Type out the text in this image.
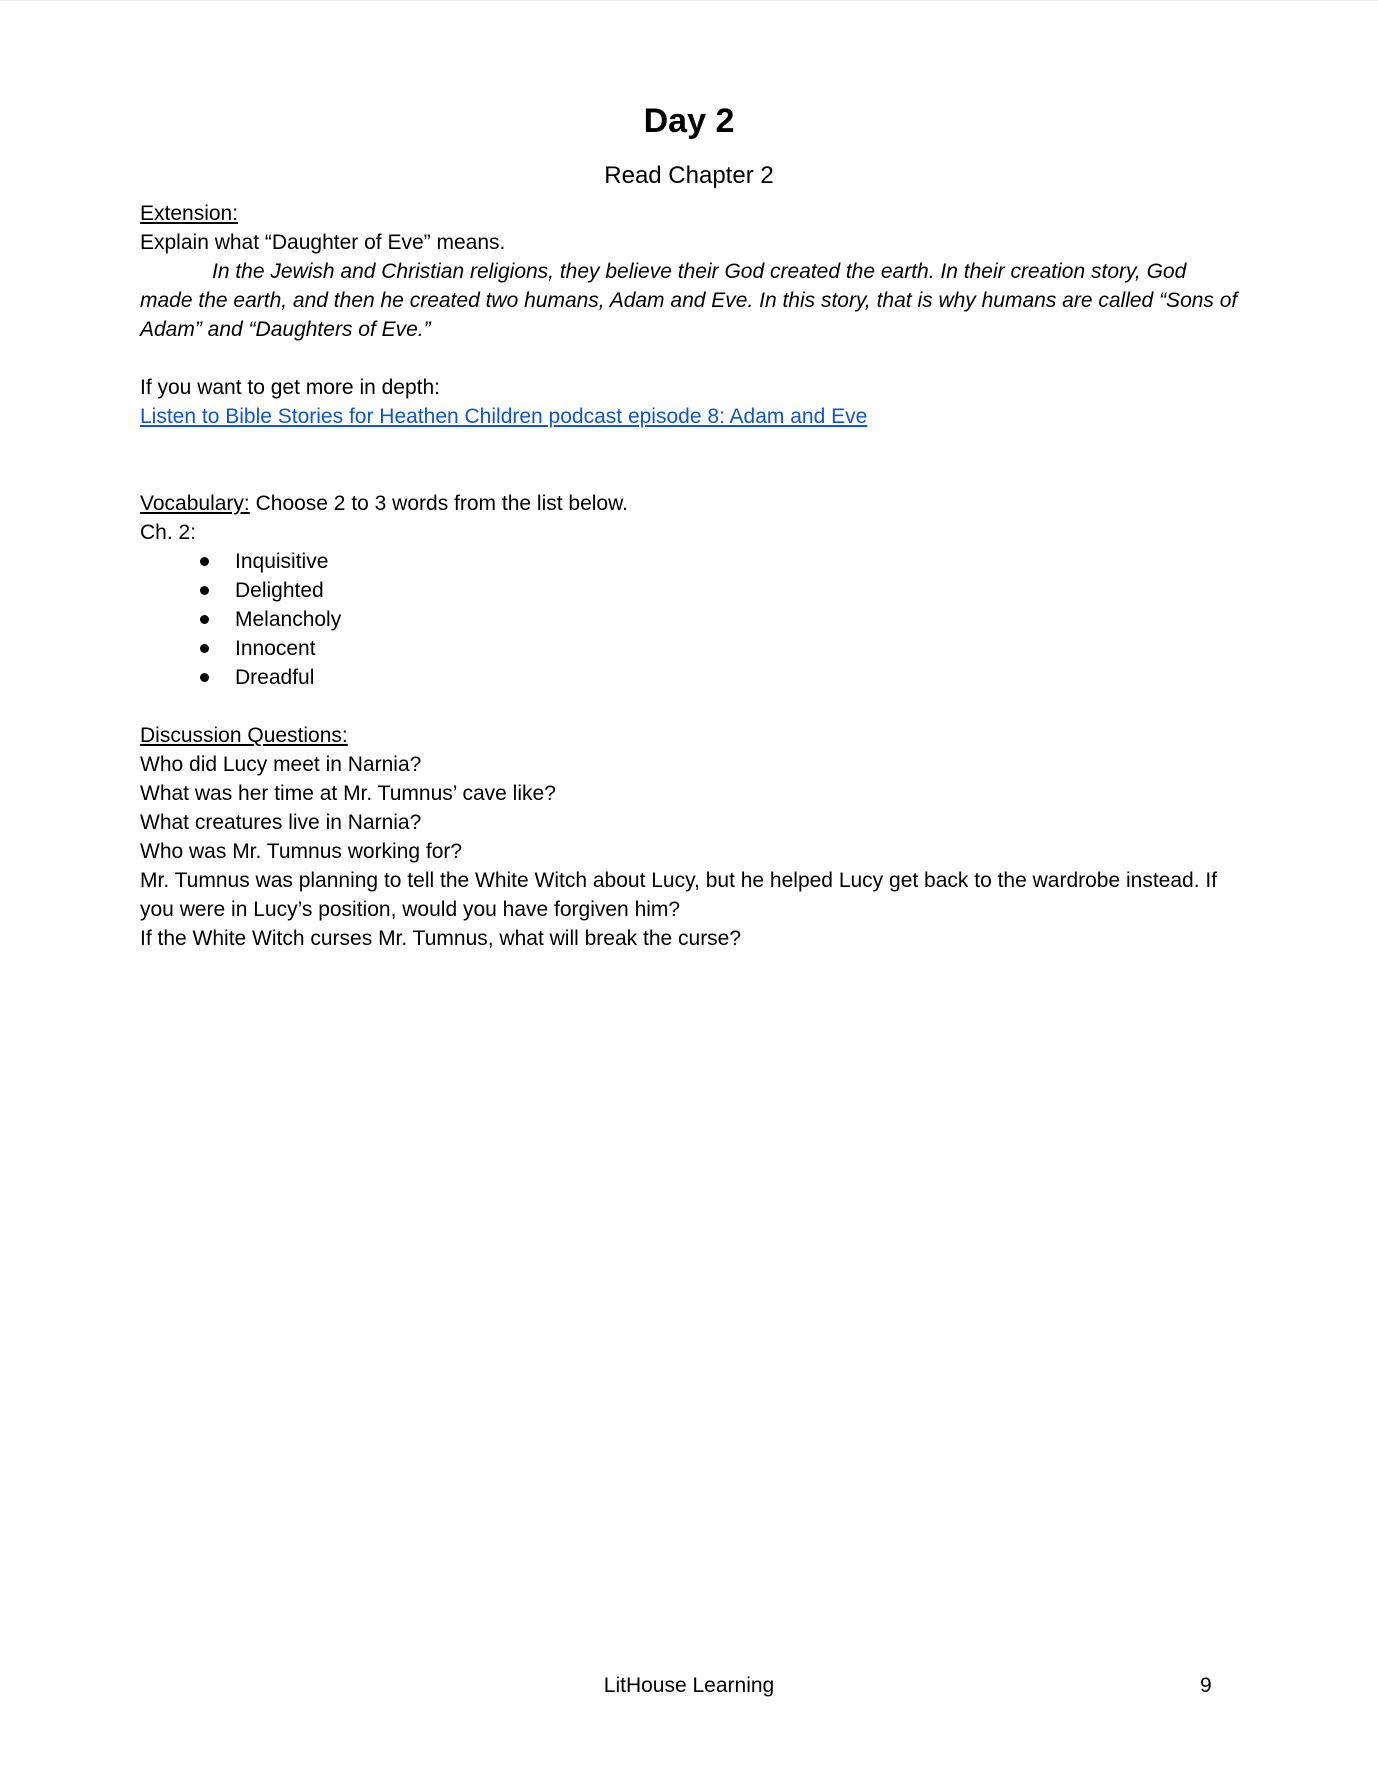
Day 2
Read Chapter 2
Extension:
Explain what “Daughter of Eve” means.
In the Jewish and Christian religions, they believe their God created the earth. In their creation story, God made the earth, and then he created two humans, Adam and Eve. In this story, that is why humans are called “Sons of Adam” and “Daughters of Eve.”
If you want to get more in depth:
Listen to Bible Stories for Heathen Children podcast episode 8: Adam and Eve
Vocabulary: Choose 2 to 3 words from the list below.
Ch. 2:
Inquisitive
Delighted
Melancholy
Innocent
Dreadful
Discussion Questions:
Who did Lucy meet in Narnia?
What was her time at Mr. Tumnus’ cave like?
What creatures live in Narnia?
Who was Mr. Tumnus working for?
Mr. Tumnus was planning to tell the White Witch about Lucy, but he helped Lucy get back to the wardrobe instead. If you were in Lucy’s position, would you have forgiven him?
If the White Witch curses Mr. Tumnus, what will break the curse?
LitHouse Learning	9
